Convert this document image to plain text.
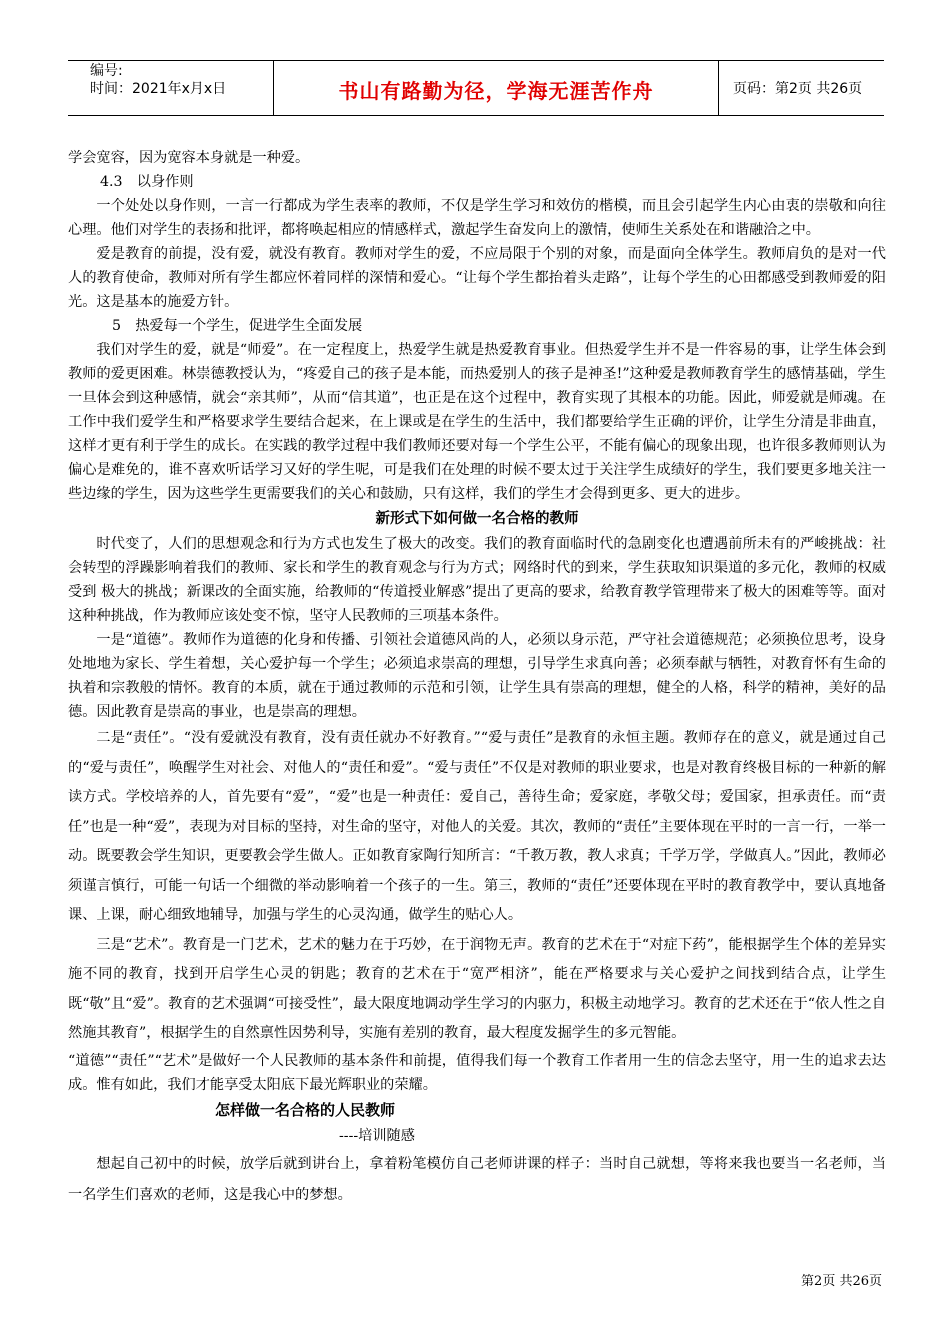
编号:
时间：2021年x月x日	书山有路勤为径，学海无涯苦作舟	页码：第2页 共26页

学会宽容，因为宽容本身就是一种爱。

4.3　以身作则

一个处处以身作则，一言一行都成为学生表率的教师，不仅是学生学习和效仿的楷模，而且会引起学生内心由衷的崇敬和向往心理。他们对学生的表扬和批评，都将唤起相应的情感样式，激起学生奋发向上的激情，使师生关系处在和谐融洽之中。

爱是教育的前提，没有爱，就没有教育。教师对学生的爱，不应局限于个别的对象，而是面向全体学生。教师肩负的是对一代人的教育使命，教师对所有学生都应怀着同样的深情和爱心。“让每个学生都抬着头走路”，让每个学生的心田都感受到教师爱的阳光。这是基本的施爱方针。

5　热爱每一个学生，促进学生全面发展

我们对学生的爱，就是“师爱”。在一定程度上，热爱学生就是热爱教育事业。但热爱学生并不是一件容易的事，让学生体会到教师的爱更困难。林崇德教授认为，“疼爱自己的孩子是本能，而热爱别人的孩子是神圣!”这种爱是教师教育学生的感情基础，学生一旦体会到这种感情，就会“亲其师”，从而“信其道”，也正是在这个过程中，教育实现了其根本的功能。因此，师爱就是师魂。在工作中我们爱学生和严格要求学生要结合起来，在上课或是在学生的生活中，我们都要给学生正确的评价，让学生分清是非曲直，这样才更有利于学生的成长。在实践的教学过程中我们教师还要对每一个学生公平，不能有偏心的现象出现，也许很多教师则认为偏心是难免的，谁不喜欢听话学习又好的学生呢，可是我们在处理的时候不要太过于关注学生成绩好的学生，我们要更多地关注一些边缘的学生，因为这些学生更需要我们的关心和鼓励，只有这样，我们的学生才会得到更多、更大的进步。

新形式下如何做一名合格的教师

时代变了，人们的思想观念和行为方式也发生了极大的改变。我们的教育面临时代的急剧变化也遭遇前所未有的严峻挑战：社会转型的浮躁影响着我们的教师、家长和学生的教育观念与行为方式；网络时代的到来，学生获取知识渠道的多元化，教师的权威受到 极大的挑战；新课改的全面实施，给教师的“传道授业解惑”提出了更高的要求，给教育教学管理带来了极大的困难等等。面对这种种挑战，作为教师应该处变不惊，坚守人民教师的三项基本条件。

一是“道德”。教师作为道德的化身和传播、引领社会道德风尚的人，必须以身示范，严守社会道德规范；必须换位思考，设身处地地为家长、学生着想，关心爱护每一个学生；必须追求崇高的理想，引导学生求真向善；必须奉献与牺牲，对教育怀有生命的执着和宗教般的情怀。教育的本质，就在于通过教师的示范和引领，让学生具有崇高的理想，健全的人格，科学的精神，美好的品德。因此教育是崇高的事业，也是崇高的理想。

二是“责任”。“没有爱就没有教育，没有责任就办不好教育。”“爱与责任”是教育的永恒主题。教师存在的意义，就是通过自己的“爱与责任”，唤醒学生对社会、对他人的“责任和爱”。“爱与责任”不仅是对教师的职业要求，也是对教育终极目标的一种新的解读方式。学校培养的人，首先要有“爱”，“爱”也是一种责任：爱自己，善待生命；爱家庭，孝敬父母；爱国家，担承责任。而“责任”也是一种“爱”，表现为对目标的坚持，对生命的坚守，对他人的关爱。其次，教师的“责任”主要体现在平时的一言一行，一举一动。既要教会学生知识，更要教会学生做人。正如教育家陶行知所言：“千教万教，教人求真；千学万学，学做真人。”因此，教师必须谨言慎行，可能一句话一个细微的举动影响着一个孩子的一生。第三，教师的“责任”还要体现在平时的教育教学中，要认真地备课、上课，耐心细致地辅导，加强与学生的心灵沟通，做学生的贴心人。

三是“艺术”。教育是一门艺术，艺术的魅力在于巧妙，在于润物无声。教育的艺术在于“对症下药”，能根据学生个体的差异实施不同的教育，找到开启学生心灵的钥匙；教育的艺术在于“宽严相济”，能在严格要求与关心爱护之间找到结合点，让学生既“敬”且“爱”。教育的艺术强调“可接受性”，最大限度地调动学生学习的内驱力，积极主动地学习。教育的艺术还在于“依人性之自然施其教育”，根据学生的自然禀性因势利导，实施有差别的教育，最大程度发掘学生的多元智能。

“道德”“责任”“艺术”是做好一个人民教师的基本条件和前提，值得我们每一个教育工作者用一生的信念去坚守，用一生的追求去达成。惟有如此，我们才能享受太阳底下最光辉职业的荣耀。

怎样做一名合格的人民教师

----培训随感

想起自己初中的时候，放学后就到讲台上，拿着粉笔模仿自己老师讲课的样子：当时自己就想，等将来我也要当一名老师，当一名学生们喜欢的老师，这是我心中的梦想。

第2页 共26页
